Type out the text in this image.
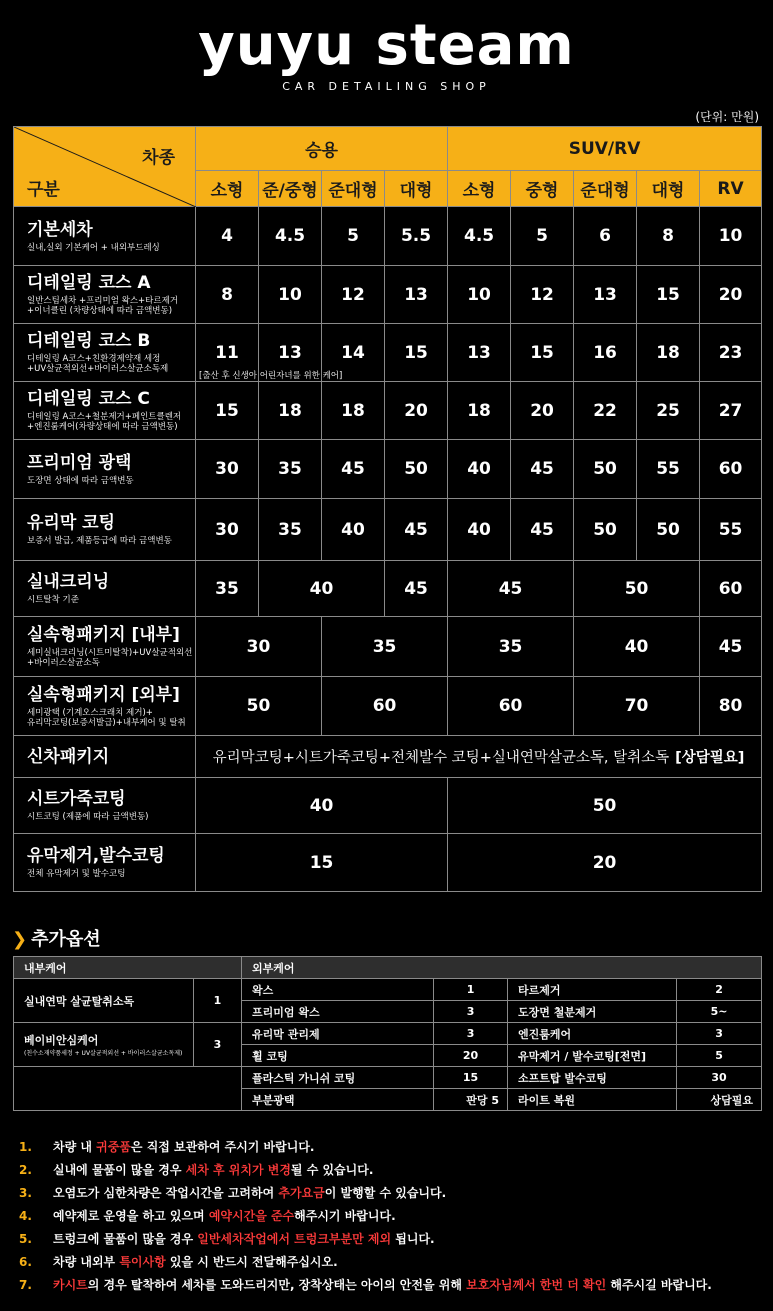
yuyu steam
CAR DETAILING SHOP
(단위: 만원)
차종
구분	승용				SUV/RV				
	소형	준/중형	준대형	대형	소형	중형	준대형	대형	RV

기본세차
실내,실외 기본케어 + 내외부드레싱	4	4.5	5	5.5	4.5	5	6	8	10

디테일링 코스 A
일반스팀세차 +프리미엄 왁스+타르제거
+이너클린 (차량상태에 따라 금액변동)	8	10	12	13	10	12	13	15	20

디테일링 코스 B
디테일링 A코스+친환경제약재 세정
+UV살균적외선+바이러스살균소독제	11	13	14	15	13	15	16	18	23

디테일링 코스 C
디테일링 A코스+철분제거+페인트클렌저
+엔진룸케어(차량상태에 따라 금액변동)	15	18	18	20	18	20	22	25	27

프리미엄 광택
도장면 상태에 따라 금액변동	30	35	45	50	40	45	50	55	60

유리막 코팅
보증서 발급, 제품등급에 따라 금액변동	30	35	40	45	40	45	50	50	55

실내크리닝
시트탈착 기준	35	40		45	45		50		60

실속형패키지 [내부]
세미실내크리닝(시트미탈착)+UV살균적외선
+바이러스살균소독	30		35		35		40		45

실속형패키지 [외부]
세미광택 (기계오스크래치 제거)+
유리막코팅(보증서발급)+내부케어 및 탈취	50		60		60		70		80

신차패키지	유리막코팅+시트가죽코팅+전체발수 코팅+실내연막살균소독, 탈취소독 [상담필요]								

시트가죽코팅
시트코팅 (제품에 따라 금액변동)	40				50				

유막제거,발수코팅
전체 유막제거 및 발수코팅	15				20				
[출산 후 신생아 어린자녀를 위한 케어]
❯ 추가옵션
내부케어		외부케어			
실내연막 살균탈취소독	1	왁스	1	타르제거	2
		프리미엄 왁스	3	도장면 철분제거	5~

베이비안심케어
(친수소재약품세정 + UV살균적외선 + 바이러스살균소독제)	3	유리막 관리제	3	엔진룸케어	3
		휠 코팅	20	유막제거 / 발수코팅[전면]	5
		플라스틱 가니쉬 코팅	15	소프트탑 발수코팅	30
		부분광택	판당 5	라이트 복원	상담필요
1. 차량 내 귀중품은 직접 보관하여 주시기 바랍니다.
2. 실내에 물품이 많을 경우 세차 후 위치가 변경될 수 있습니다.
3. 오염도가 심한차량은 작업시간을 고려하여 추가요금이 발행할 수 있습니다.
4. 예약제로 운영을 하고 있으며 예약시간을 준수해주시기 바랍니다.
5. 트렁크에 물품이 많을 경우 일반세차작업에서 트렁크부분만 제외 됩니다.
6. 차량 내외부 특이사항 있을 시 반드시 전달해주십시오.
7. 카시트의 경우 탈착하여 세차를 도와드리지만, 장착상태는 아이의 안전을 위해 보호자님께서 한번 더 확인 해주시길 바랍니다.
